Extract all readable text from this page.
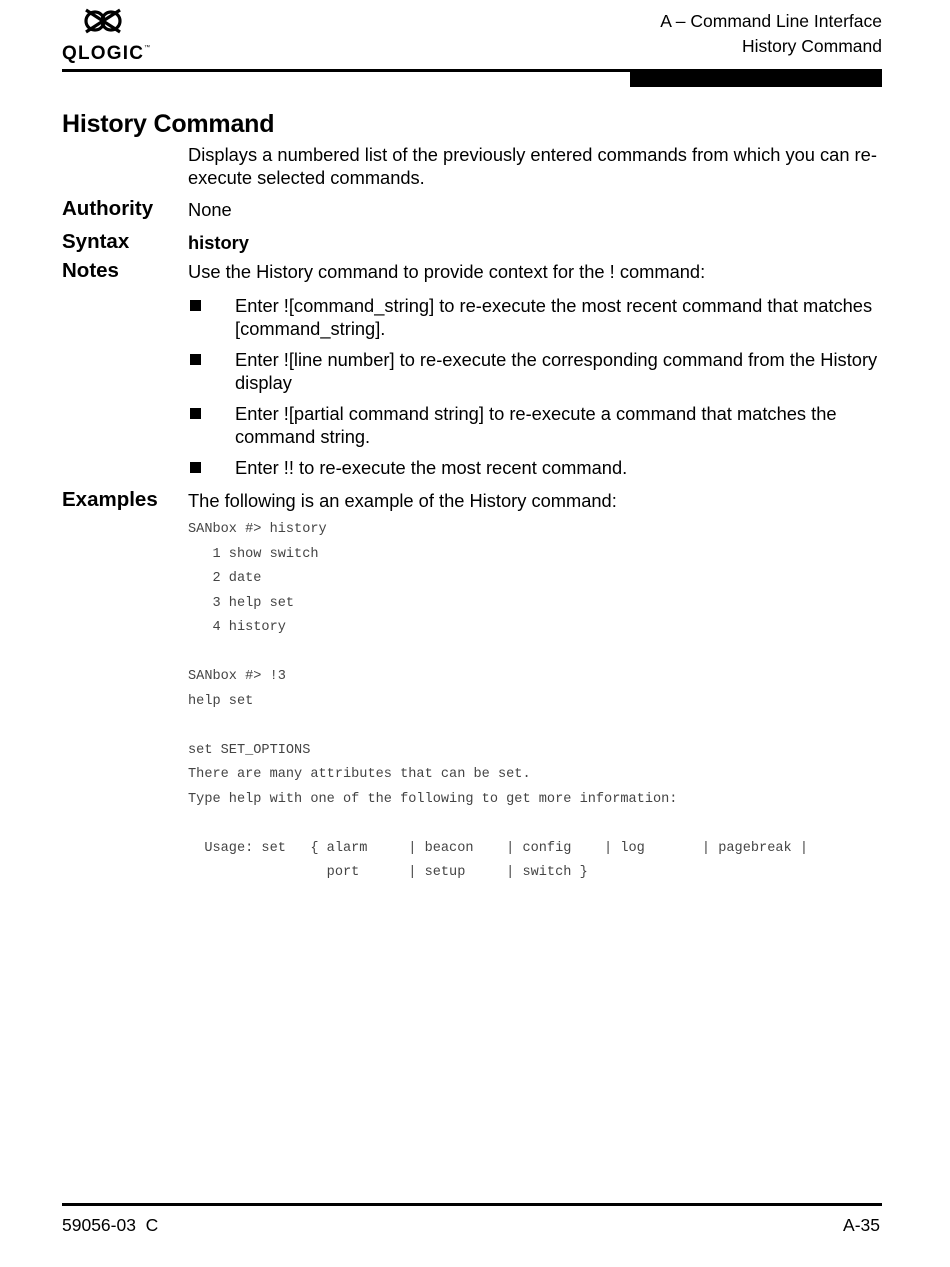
QLOGIC™
A – Command Line Interface
History Command
History Command
Displays a numbered list of the previously entered commands from which you can re-execute selected commands.
Authority None
Syntax	history
Notes	Use the History command to provide context for the ! command:
Enter ![command_string] to re-execute the most recent command that matches [command_string].
Enter ![line number] to re-execute the corresponding command from the History display
Enter ![partial command string] to re-execute a command that matches the command string.
Enter !! to re-execute the most recent command.
Examples The following is an example of the History command:
SANbox #> history
1 show switch
2 date
3 help set
4 history

SANbox #> !3
help set

set SET_OPTIONS
There are many attributes that can be set.
Type help with one of the following to get more information:

Usage: set   { alarm     | beacon    | config    | log       | pagebreak |
port      | setup     | switch }
59056-03  C	A-35
